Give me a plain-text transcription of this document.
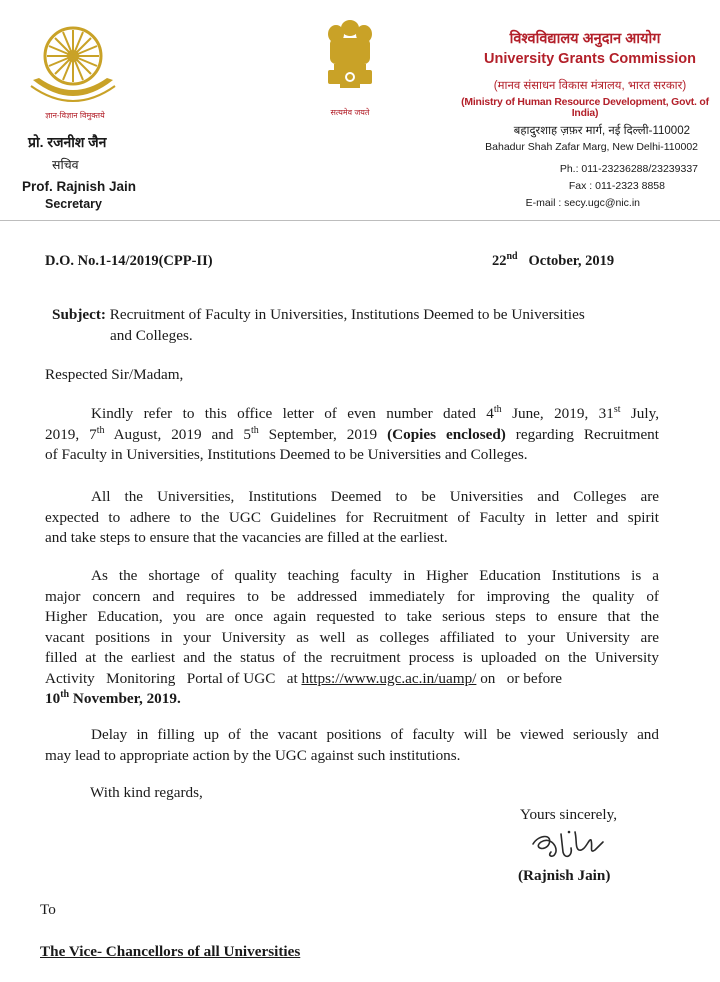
ज्ञान-विज्ञान विमुक्तये
प्रो. रजनीश जैन
सचिव
Prof. Rajnish Jain
Secretary
सत्यमेव जयते
विश्वविद्यालय अनुदान आयोग
University Grants Commission
(मानव संसाधन विकास मंत्रालय, भारत सरकार)
(Ministry of Human Resource Development, Govt. of India)
बहादुरशाह ज़फ़र मार्ग, नई दिल्ली-110002
Bahadur Shah Zafar Marg, New Delhi-110002
Ph.: 011-23236288/23239337
Fax : 011-2323 8858
E-mail : secy.ugc@nic.in
D.O. No.1-14/2019(CPP-II)	22nd October, 2019
Subject: Recruitment of Faculty in Universities, Institutions Deemed to be Universities
and Colleges.
Respected Sir/Madam,
Kindly refer to this office letter of even number dated 4th June, 2019, 31st July,
2019, 7th August, 2019 and 5th September, 2019 (Copies enclosed) regarding Recruitment
of Faculty in Universities, Institutions Deemed to be Universities and Colleges.
All the Universities, Institutions Deemed to be Universities and Colleges are
expected to adhere to the UGC Guidelines for Recruitment of Faculty in letter and spirit
and take steps to ensure that the vacancies are filled at the earliest.
As the shortage of quality teaching faculty in Higher Education Institutions is a
major concern and requires to be addressed immediately for improving the quality of
Higher Education, you are once again requested to take serious steps to ensure that the
vacant positions in your University as well as colleges affiliated to your University are
filled at the earliest and the status of the recruitment process is uploaded on the University
Activity   Monitoring   Portal of UGC   at https://www.ugc.ac.in/uamp/ on   or before
10th November, 2019.
Delay in filling up of the vacant positions of faculty will be viewed seriously and
may lead to appropriate action by the UGC against such institutions.
With kind regards,
Yours sincerely,
(Rajnish Jain)
To
The Vice- Chancellors of all Universities
